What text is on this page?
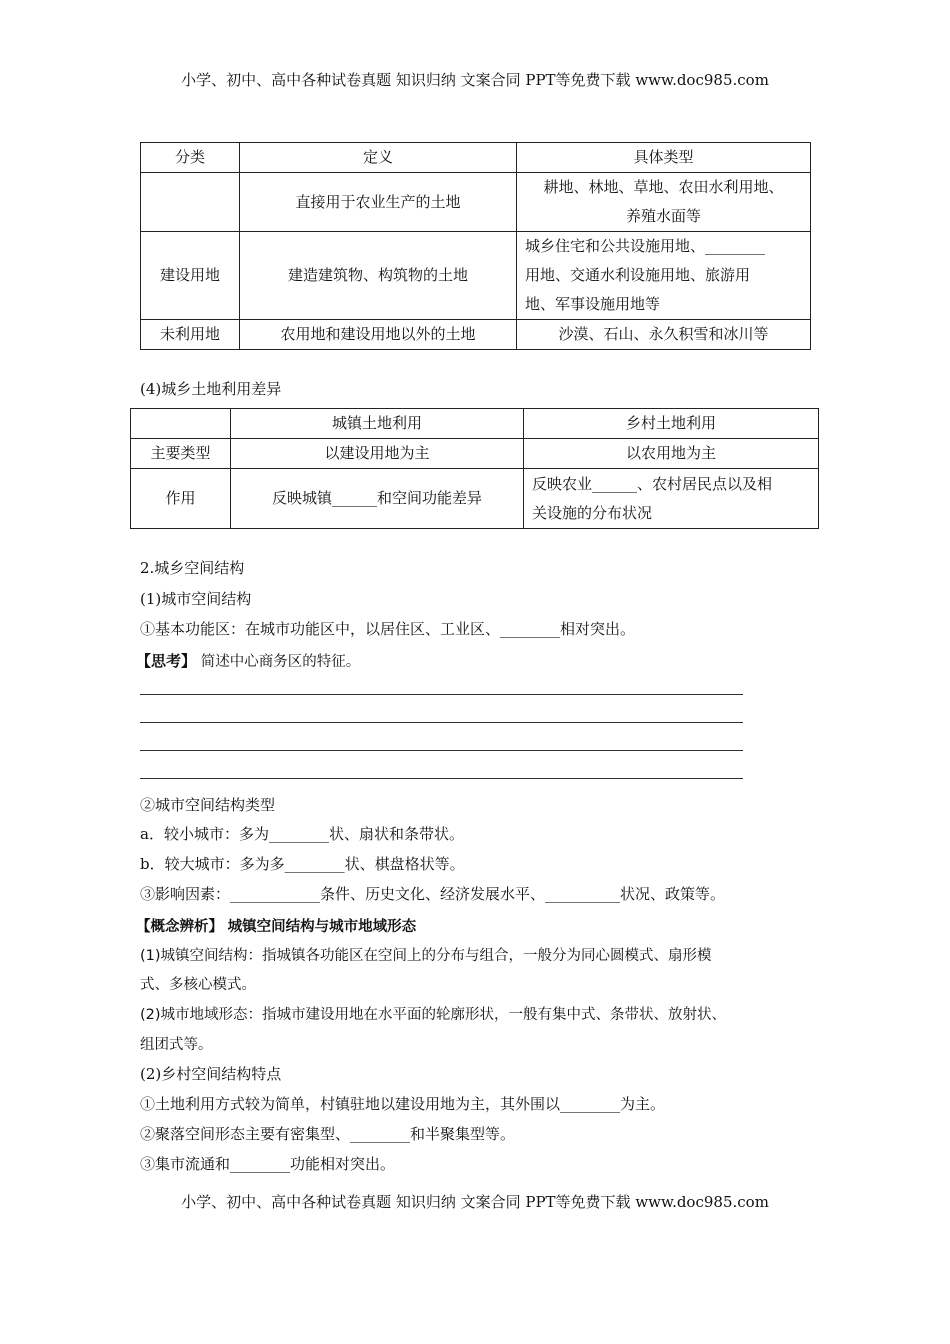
小学、初中、高中各种试卷真题 知识归纳 文案合同 PPT等免费下载 www.doc985.com
分类	定义	具体类型
	直接用于农业生产的土地	耕地、林地、草地、农田水利用地、
养殖水面等

建设用地	建造建筑物、构筑物的土地	城乡住宅和公共设施用地、________
用地、交通水利设施用地、旅游用
地、军事设施用地等

未利用地	农用地和建设用地以外的土地	沙漠、石山、永久积雪和冰川等
(4)城乡土地利用差异
	城镇土地利用	乡村土地利用
主要类型	以建设用地为主	以农用地为主
作用	反映城镇______和空间功能差异	反映农业______、农村居民点以及相
关设施的分布状况
2.城乡空间结构
(1)城市空间结构
①基本功能区：在城市功能区中，以居住区、工业区、________相对突出。
【思考】 简述中心商务区的特征。
②城市空间结构类型
a．较小城市：多为________状、扇状和条带状。
b．较大城市：多为多________状、棋盘格状等。
③影响因素：____________条件、历史文化、经济发展水平、__________状况、政策等。
【概念辨析】 城镇空间结构与城市地域形态
(1)城镇空间结构：指城镇各功能区在空间上的分布与组合，一般分为同心圆模式、扇形模
式、多核心模式。
(2)城市地域形态：指城市建设用地在水平面的轮廓形状，一般有集中式、条带状、放射状、
组团式等。
(2)乡村空间结构特点
①土地利用方式较为简单，村镇驻地以建设用地为主，其外围以________为主。
②聚落空间形态主要有密集型、________和半聚集型等。
③集市流通和________功能相对突出。
小学、初中、高中各种试卷真题 知识归纳 文案合同 PPT等免费下载 www.doc985.com
